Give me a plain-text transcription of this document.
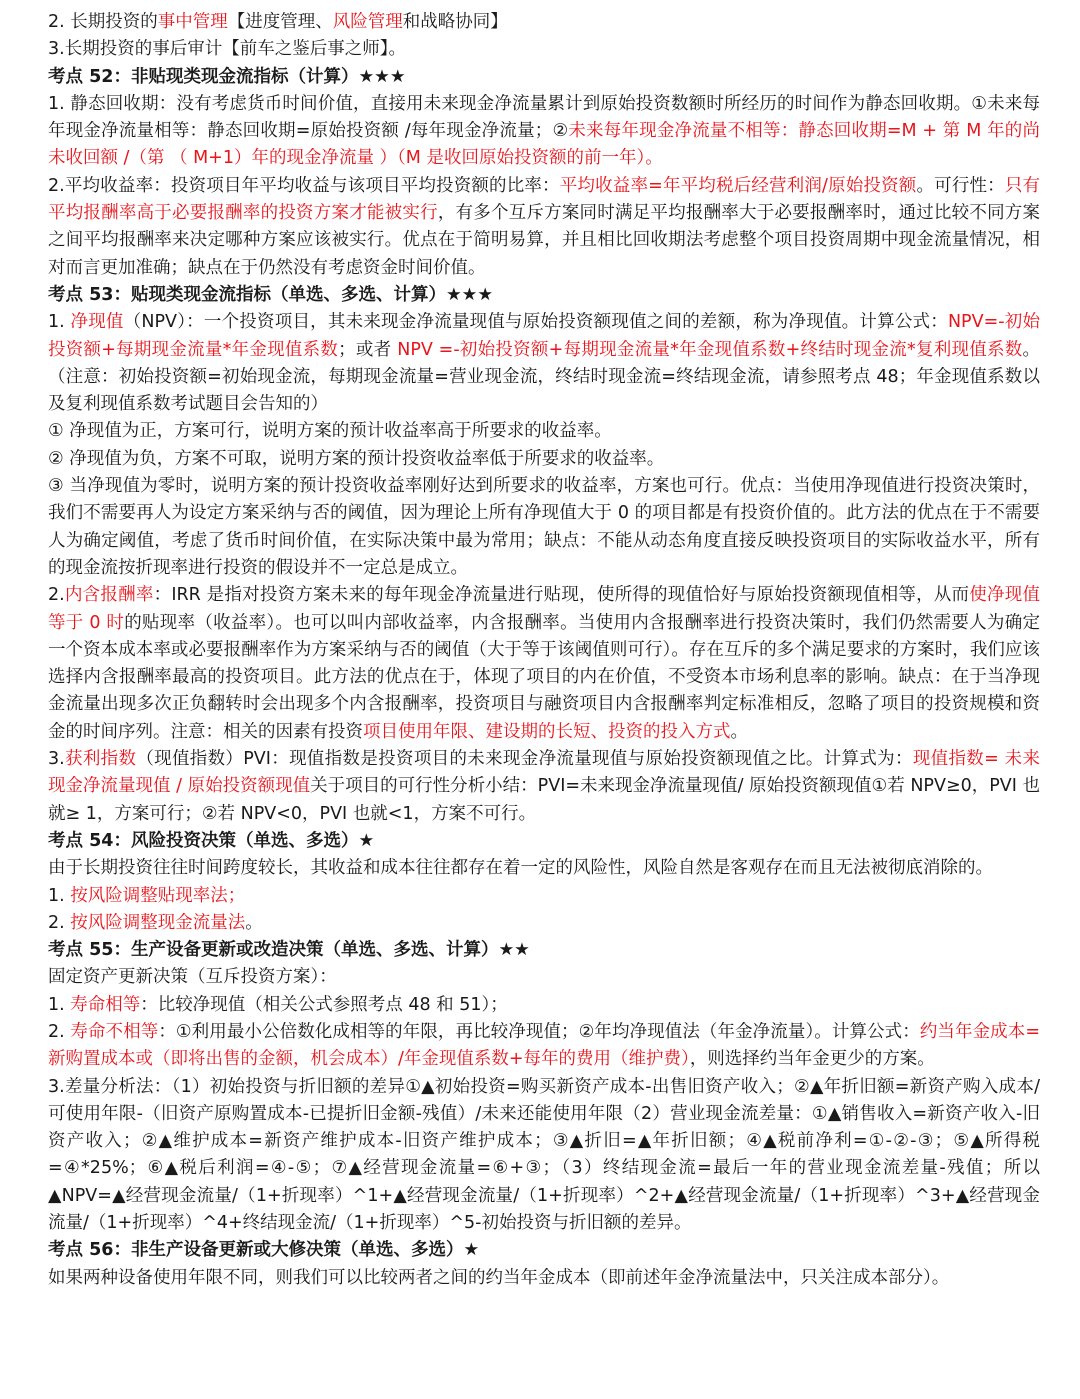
2. 长期投资的事中管理【进度管理、风险管理和战略协同】

3.长期投资的事后审计【前车之鉴后事之师】。

考点 52：非贴现类现金流指标（计算）★★★

1. 静态回收期：没有考虑货币时间价值，直接用未来现金净流量累计到原始投资数额时所经历的时间作为静态回收期。①未来每年现金净流量相等：静态回收期=原始投资额 /每年现金净流量；②未来每年现金净流量不相等：静态回收期=M + 第 M 年的尚未收回额 /（第 （ M+1）年的现金净流量 ）（M 是收回原始投资额的前一年）。

2.平均收益率：投资项目年平均收益与该项目平均投资额的比率：平均收益率=年平均税后经营利润/原始投资额。可行性：只有平均报酬率高于必要报酬率的投资方案才能被实行，有多个互斥方案同时满足平均报酬率大于必要报酬率时，通过比较不同方案之间平均报酬率来决定哪种方案应该被实行。优点在于简明易算，并且相比回收期法考虑整个项目投资周期中现金流量情况，相对而言更加准确；缺点在于仍然没有考虑资金时间价值。

考点 53：贴现类现金流指标（单选、多选、计算）★★★

1. 净现值（NPV）：一个投资项目，其未来现金净流量现值与原始投资额现值之间的差额，称为净现值。计算公式：NPV=-初始投资额+每期现金流量*年金现值系数；或者 NPV =-初始投资额+每期现金流量*年金现值系数+终结时现金流*复利现值系数。（注意：初始投资额=初始现金流，每期现金流量=营业现金流，终结时现金流=终结现金流，请参照考点 48；年金现值系数以及复利现值系数考试题目会告知的）

① 净现值为正，方案可行，说明方案的预计收益率高于所要求的收益率。

② 净现值为负，方案不可取，说明方案的预计投资收益率低于所要求的收益率。

③ 当净现值为零时，说明方案的预计投资收益率刚好达到所要求的收益率，方案也可行。优点：当使用净现值进行投资决策时，我们不需要再人为设定方案采纳与否的阈值，因为理论上所有净现值大于 0 的项目都是有投资价值的。此方法的优点在于不需要人为确定阈值，考虑了货币时间价值，在实际决策中最为常用；缺点：不能从动态角度直接反映投资项目的实际收益水平，所有的现金流按折现率进行投资的假设并不一定总是成立。

2.内含报酬率：IRR 是指对投资方案未来的每年现金净流量进行贴现，使所得的现值恰好与原始投资额现值相等，从而使净现值等于 0 时的贴现率（收益率）。也可以叫内部收益率，内含报酬率。当使用内含报酬率进行投资决策时，我们仍然需要人为确定一个资本成本率或必要报酬率作为方案采纳与否的阈值（大于等于该阈值则可行）。存在互斥的多个满足要求的方案时，我们应该选择内含报酬率最高的投资项目。此方法的优点在于，体现了项目的内在价值，不受资本市场利息率的影响。缺点：在于当净现金流量出现多次正负翻转时会出现多个内含报酬率，投资项目与融资项目内含报酬率判定标准相反，忽略了项目的投资规模和资金的时间序列。注意：相关的因素有投资项目使用年限、建设期的长短、投资的投入方式。

3.获利指数（现值指数）PVI：现值指数是投资项目的未来现金净流量现值与原始投资额现值之比。计算式为：现值指数= 未来现金净流量现值 / 原始投资额现值关于项目的可行性分析小结：PVI=未来现金净流量现值/ 原始投资额现值①若 NPV≥0，PVI 也就≥ 1，方案可行；②若 NPV<0，PVI 也就<1，方案不可行。

考点 54：风险投资决策（单选、多选）★

由于长期投资往往时间跨度较长，其收益和成本往往都存在着一定的风险性，风险自然是客观存在而且无法被彻底消除的。

1. 按风险调整贴现率法；

2. 按风险调整现金流量法。

考点 55：生产设备更新或改造决策（单选、多选、计算）★★

固定资产更新决策（互斥投资方案）：

1. 寿命相等：比较净现值（相关公式参照考点 48 和 51）；

2. 寿命不相等：①利用最小公倍数化成相等的年限，再比较净现值；②年均净现值法（年金净流量）。计算公式：约当年金成本=新购置成本或（即将出售的金额，机会成本）/年金现值系数+每年的费用（维护费），则选择约当年金更少的方案。

3.差量分析法：（1）初始投资与折旧额的差异①▲初始投资=购买新资产成本-出售旧资产收入；②▲年折旧额=新资产购入成本/可使用年限-（旧资产原购置成本-已提折旧金额-残值）/未来还能使用年限（2）营业现金流差量：①▲销售收入=新资产收入-旧资产收入；②▲维护成本=新资产维护成本-旧资产维护成本；③▲折旧=▲年折旧额；④▲税前净利=①-②-③；⑤▲所得税=④*25%；⑥▲税后利润=④-⑤；⑦▲经营现金流量=⑥+③；（3）终结现金流=最后一年的营业现金流差量-残值；所以▲NPV=▲经营现金流量/（1+折现率）^1+▲经营现金流量/（1+折现率）^2+▲经营现金流量/（1+折现率）^3+▲经营现金流量/（1+折现率）^4+终结现金流/（1+折现率）^5-初始投资与折旧额的差异。

考点 56：非生产设备更新或大修决策（单选、多选）★

如果两种设备使用年限不同，则我们可以比较两者之间的约当年金成本（即前述年金净流量法中，只关注成本部分）。
